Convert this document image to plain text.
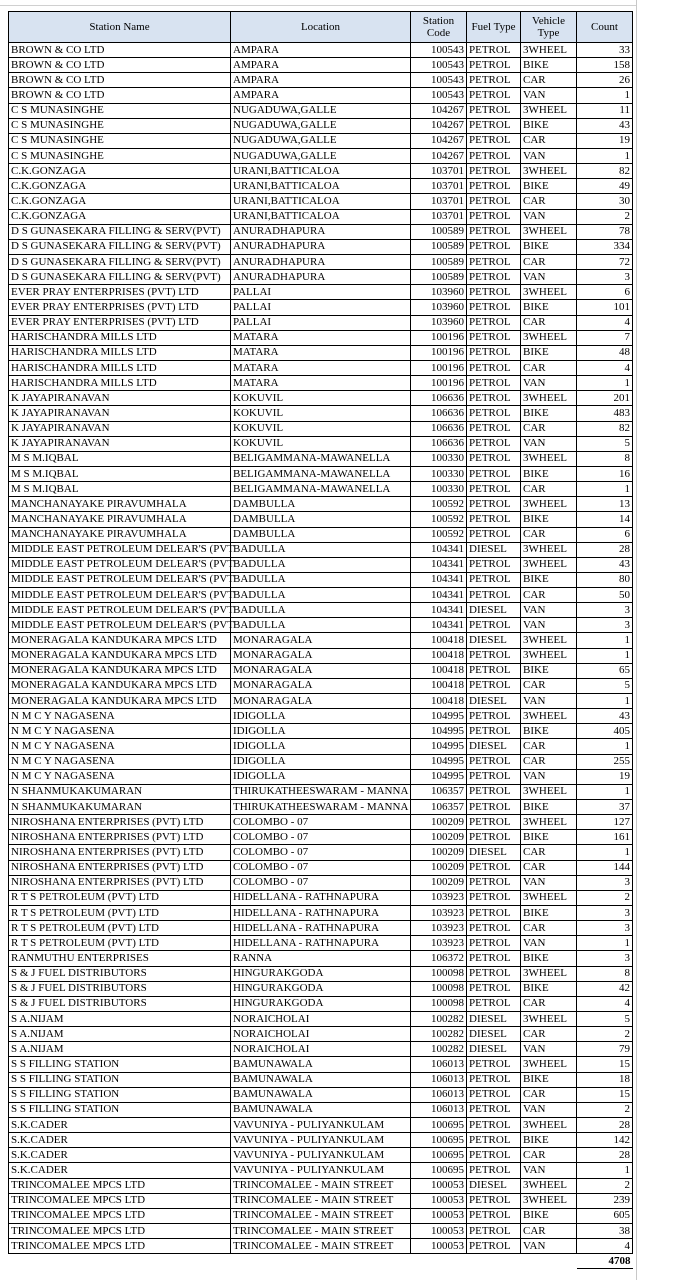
Station Name	Location	Station Code	Fuel Type	Vehicle Type	Count
BROWN & CO LTD	AMPARA	100543	PETROL	3WHEEL	33
BROWN & CO LTD	AMPARA	100543	PETROL	BIKE	158
BROWN & CO LTD	AMPARA	100543	PETROL	CAR	26
BROWN & CO LTD	AMPARA	100543	PETROL	VAN	1
C S MUNASINGHE	NUGADUWA,GALLE	104267	PETROL	3WHEEL	11
C S MUNASINGHE	NUGADUWA,GALLE	104267	PETROL	BIKE	43
C S MUNASINGHE	NUGADUWA,GALLE	104267	PETROL	CAR	19
C S MUNASINGHE	NUGADUWA,GALLE	104267	PETROL	VAN	1
C.K.GONZAGA	URANI,BATTICALOA	103701	PETROL	3WHEEL	82
C.K.GONZAGA	URANI,BATTICALOA	103701	PETROL	BIKE	49
C.K.GONZAGA	URANI,BATTICALOA	103701	PETROL	CAR	30
C.K.GONZAGA	URANI,BATTICALOA	103701	PETROL	VAN	2
D S GUNASEKARA FILLING & SERV(PVT)	ANURADHAPURA	100589	PETROL	3WHEEL	78
D S GUNASEKARA FILLING & SERV(PVT)	ANURADHAPURA	100589	PETROL	BIKE	334
D S GUNASEKARA FILLING & SERV(PVT)	ANURADHAPURA	100589	PETROL	CAR	72
D S GUNASEKARA FILLING & SERV(PVT)	ANURADHAPURA	100589	PETROL	VAN	3
EVER PRAY ENTERPRISES (PVT) LTD	PALLAI	103960	PETROL	3WHEEL	6
EVER PRAY ENTERPRISES (PVT) LTD	PALLAI	103960	PETROL	BIKE	101
EVER PRAY ENTERPRISES (PVT) LTD	PALLAI	103960	PETROL	CAR	4
HARISCHANDRA MILLS LTD	MATARA	100196	PETROL	3WHEEL	7
HARISCHANDRA MILLS LTD	MATARA	100196	PETROL	BIKE	48
HARISCHANDRA MILLS LTD	MATARA	100196	PETROL	CAR	4
HARISCHANDRA MILLS LTD	MATARA	100196	PETROL	VAN	1
K JAYAPIRANAVAN	KOKUVIL	106636	PETROL	3WHEEL	201
K JAYAPIRANAVAN	KOKUVIL	106636	PETROL	BIKE	483
K JAYAPIRANAVAN	KOKUVIL	106636	PETROL	CAR	82
K JAYAPIRANAVAN	KOKUVIL	106636	PETROL	VAN	5
M S M.IQBAL	BELIGAMMANA-MAWANELLA	100330	PETROL	3WHEEL	8
M S M.IQBAL	BELIGAMMANA-MAWANELLA	100330	PETROL	BIKE	16
M S M.IQBAL	BELIGAMMANA-MAWANELLA	100330	PETROL	CAR	1
MANCHANAYAKE PIRAVUMHALA	DAMBULLA	100592	PETROL	3WHEEL	13
MANCHANAYAKE PIRAVUMHALA	DAMBULLA	100592	PETROL	BIKE	14
MANCHANAYAKE PIRAVUMHALA	DAMBULLA	100592	PETROL	CAR	6
MIDDLE EAST PETROLEUM DELEAR'S (PVT	BADULLA	104341	DIESEL	3WHEEL	28
MIDDLE EAST PETROLEUM DELEAR'S (PVT	BADULLA	104341	PETROL	3WHEEL	43
MIDDLE EAST PETROLEUM DELEAR'S (PVT	BADULLA	104341	PETROL	BIKE	80
MIDDLE EAST PETROLEUM DELEAR'S (PVT	BADULLA	104341	PETROL	CAR	50
MIDDLE EAST PETROLEUM DELEAR'S (PVT	BADULLA	104341	DIESEL	VAN	3
MIDDLE EAST PETROLEUM DELEAR'S (PVT	BADULLA	104341	PETROL	VAN	3
MONERAGALA KANDUKARA MPCS LTD	MONARAGALA	100418	DIESEL	3WHEEL	1
MONERAGALA KANDUKARA MPCS LTD	MONARAGALA	100418	PETROL	3WHEEL	1
MONERAGALA KANDUKARA MPCS LTD	MONARAGALA	100418	PETROL	BIKE	65
MONERAGALA KANDUKARA MPCS LTD	MONARAGALA	100418	PETROL	CAR	5
MONERAGALA KANDUKARA MPCS LTD	MONARAGALA	100418	DIESEL	VAN	1
N M C Y NAGASENA	IDIGOLLA	104995	PETROL	3WHEEL	43
N M C Y NAGASENA	IDIGOLLA	104995	PETROL	BIKE	405
N M C Y NAGASENA	IDIGOLLA	104995	DIESEL	CAR	1
N M C Y NAGASENA	IDIGOLLA	104995	PETROL	CAR	255
N M C Y NAGASENA	IDIGOLLA	104995	PETROL	VAN	19
N SHANMUKAKUMARAN	THIRUKATHEESWARAM - MANNA	106357	PETROL	3WHEEL	1
N SHANMUKAKUMARAN	THIRUKATHEESWARAM - MANNA	106357	PETROL	BIKE	37
NIROSHANA ENTERPRISES (PVT) LTD	COLOMBO - 07	100209	PETROL	3WHEEL	127
NIROSHANA ENTERPRISES (PVT) LTD	COLOMBO - 07	100209	PETROL	BIKE	161
NIROSHANA ENTERPRISES (PVT) LTD	COLOMBO - 07	100209	DIESEL	CAR	1
NIROSHANA ENTERPRISES (PVT) LTD	COLOMBO - 07	100209	PETROL	CAR	144
NIROSHANA ENTERPRISES (PVT) LTD	COLOMBO - 07	100209	PETROL	VAN	3
R T S PETROLEUM (PVT) LTD	HIDELLANA - RATHNAPURA	103923	PETROL	3WHEEL	2
R T S PETROLEUM (PVT) LTD	HIDELLANA - RATHNAPURA	103923	PETROL	BIKE	3
R T S PETROLEUM (PVT) LTD	HIDELLANA - RATHNAPURA	103923	PETROL	CAR	3
R T S PETROLEUM (PVT) LTD	HIDELLANA - RATHNAPURA	103923	PETROL	VAN	1
RANMUTHU ENTERPRISES	RANNA	106372	PETROL	BIKE	3
S & J FUEL DISTRIBUTORS	HINGURAKGODA	100098	PETROL	3WHEEL	8
S & J FUEL DISTRIBUTORS	HINGURAKGODA	100098	PETROL	BIKE	42
S & J FUEL DISTRIBUTORS	HINGURAKGODA	100098	PETROL	CAR	4
S A.NIJAM	NORAICHOLAI	100282	DIESEL	3WHEEL	5
S A.NIJAM	NORAICHOLAI	100282	DIESEL	CAR	2
S A.NIJAM	NORAICHOLAI	100282	DIESEL	VAN	79
S S FILLING STATION	BAMUNAWALA	106013	PETROL	3WHEEL	15
S S FILLING STATION	BAMUNAWALA	106013	PETROL	BIKE	18
S S FILLING STATION	BAMUNAWALA	106013	PETROL	CAR	15
S S FILLING STATION	BAMUNAWALA	106013	PETROL	VAN	2
S.K.CADER	VAVUNIYA - PULIYANKULAM	100695	PETROL	3WHEEL	28
S.K.CADER	VAVUNIYA - PULIYANKULAM	100695	PETROL	BIKE	142
S.K.CADER	VAVUNIYA - PULIYANKULAM	100695	PETROL	CAR	28
S.K.CADER	VAVUNIYA - PULIYANKULAM	100695	PETROL	VAN	1
TRINCOMALEE MPCS LTD	TRINCOMALEE - MAIN STREET	100053	DIESEL	3WHEEL	2
TRINCOMALEE MPCS LTD	TRINCOMALEE - MAIN STREET	100053	PETROL	3WHEEL	239
TRINCOMALEE MPCS LTD	TRINCOMALEE - MAIN STREET	100053	PETROL	BIKE	605
TRINCOMALEE MPCS LTD	TRINCOMALEE - MAIN STREET	100053	PETROL	CAR	38
TRINCOMALEE MPCS LTD	TRINCOMALEE - MAIN STREET	100053	PETROL	VAN	4
					4708
